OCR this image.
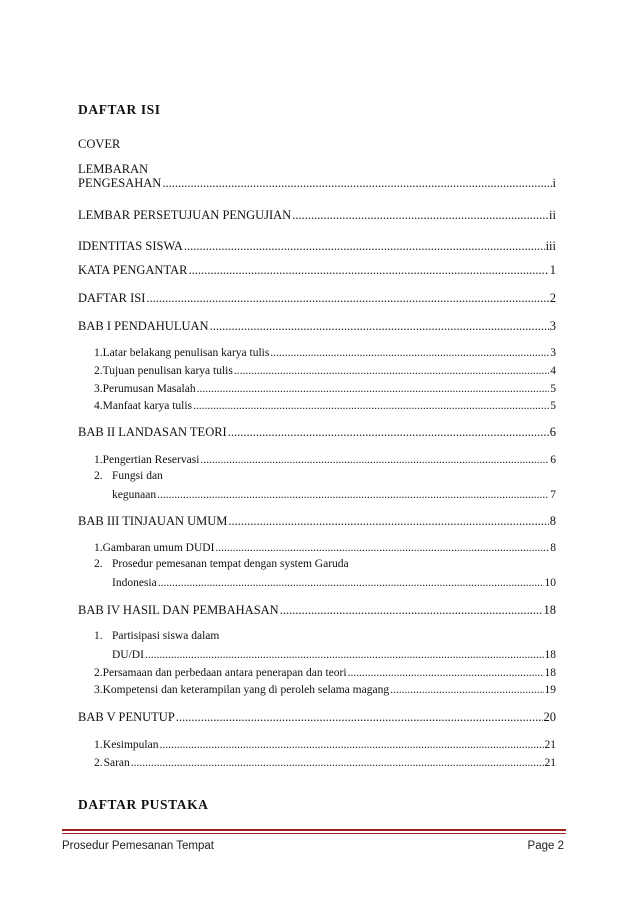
DAFTAR ISI
COVER
LEMBARAN
PENGESAHAN .....	i
LEMBAR PERSETUJUAN PENGUJIAN .....	ii
IDENTITAS SISWA .....	iii
KATA PENGANTAR .....	1
DAFTAR ISI .....	2
BAB I PENDAHULUAN .....	3
1. Latar belakang penulisan karya tulis .....	3
2. Tujuan penulisan karya tulis .....	4
3. Perumusan Masalah .....	5
4. Manfaat karya tulis .....	5
BAB II LANDASAN TEORI .....	6
1. Pengertian Reservasi .....	6
2. Fungsi dan
kegunaan .....	7
BAB III TINJAUAN UMUM .....	8
1. Gambaran umum DUDI .....	8
2. Prosedur pemesanan tempat dengan system Garuda
Indonesia .....	10
BAB IV HASIL DAN PEMBAHASAN .....	18
1. Partisipasi siswa dalam
DU/DI .....	18
2. Persamaan dan perbedaan antara penerapan dan teori .....	18
3. Kompetensi dan keterampilan yang di peroleh selama magang .....	19
BAB V PENUTUP .....	20
1. Kesimpulan .....	21
2. Saran .....	21
DAFTAR PUSTAKA
Prosedur Pemesanan Tempat	Page 2
